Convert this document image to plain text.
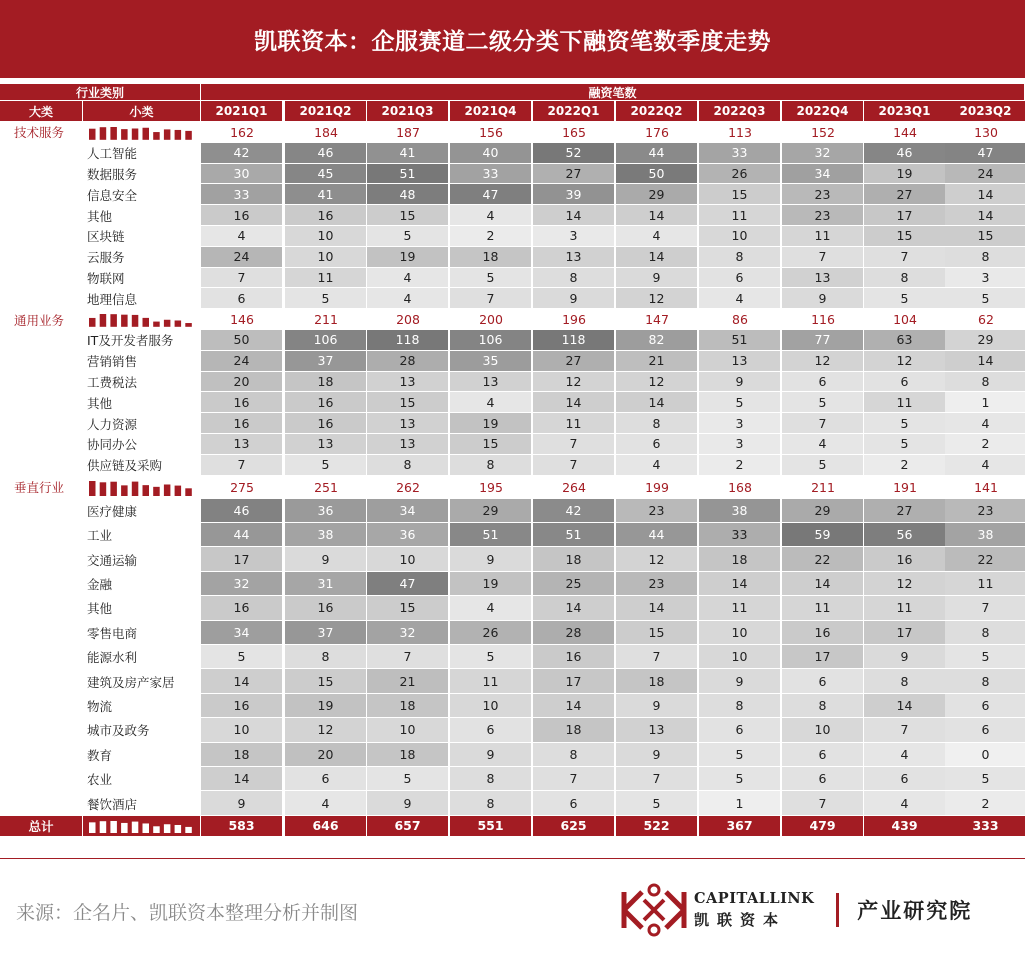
凯联资本：企服赛道二级分类下融资笔数季度走势
行业类别	融资笔数
大类	小类	2021Q1	2021Q2	2021Q3	2021Q4	2022Q1	2022Q2	2022Q3	2022Q4	2023Q1	2023Q2
技术服务	162	184	187	156	165	176	113	152	144	130
人工智能	42	46	41	40	52	44	33	32	46	47
数据服务	30	45	51	33	27	50	26	34	19	24
信息安全	33	41	48	47	39	29	15	23	27	14
其他	16	16	15	4	14	14	11	23	17	14
区块链	4	10	5	2	3	4	10	11	15	15
云服务	24	10	19	18	13	14	8	7	7	8
物联网	7	11	4	5	8	9	6	13	8	3
地理信息	6	5	4	7	9	12	4	9	5	5
通用业务	146	211	208	200	196	147	86	116	104	62
IT及开发者服务	50	106	118	106	118	82	51	77	63	29
营销销售	24	37	28	35	27	21	13	12	12	14
工费税法	20	18	13	13	12	12	9	6	6	8
其他	16	16	15	4	14	14	5	5	11	1
人力资源	16	16	13	19	11	8	3	7	5	4
协同办公	13	13	13	15	7	6	3	4	5	2
供应链及采购	7	5	8	8	7	4	2	5	2	4
垂直行业	275	251	262	195	264	199	168	211	191	141
医疗健康	46	36	34	29	42	23	38	29	27	23
工业	44	38	36	51	51	44	33	59	56	38
交通运输	17	9	10	9	18	12	18	22	16	22
金融	32	31	47	19	25	23	14	14	12	11
其他	16	16	15	4	14	14	11	11	11	7
零售电商	34	37	32	26	28	15	10	16	17	8
能源水利	5	8	7	5	16	7	10	17	9	5
建筑及房产家居	14	15	21	11	17	18	9	6	8	8
物流	16	19	18	10	14	9	8	8	14	6
城市及政务	10	12	10	6	18	13	6	10	7	6
教育	18	20	18	9	8	9	5	6	4	0
农业	14	6	5	8	7	7	5	6	6	5
餐饮酒店	9	4	9	8	6	5	1	7	4	2
总计	583	646	657	551	625	522	367	479	439	333
来源：企名片、凯联资本整理分析并制图
CAPITALLINK
凯联资本	产业研究院
